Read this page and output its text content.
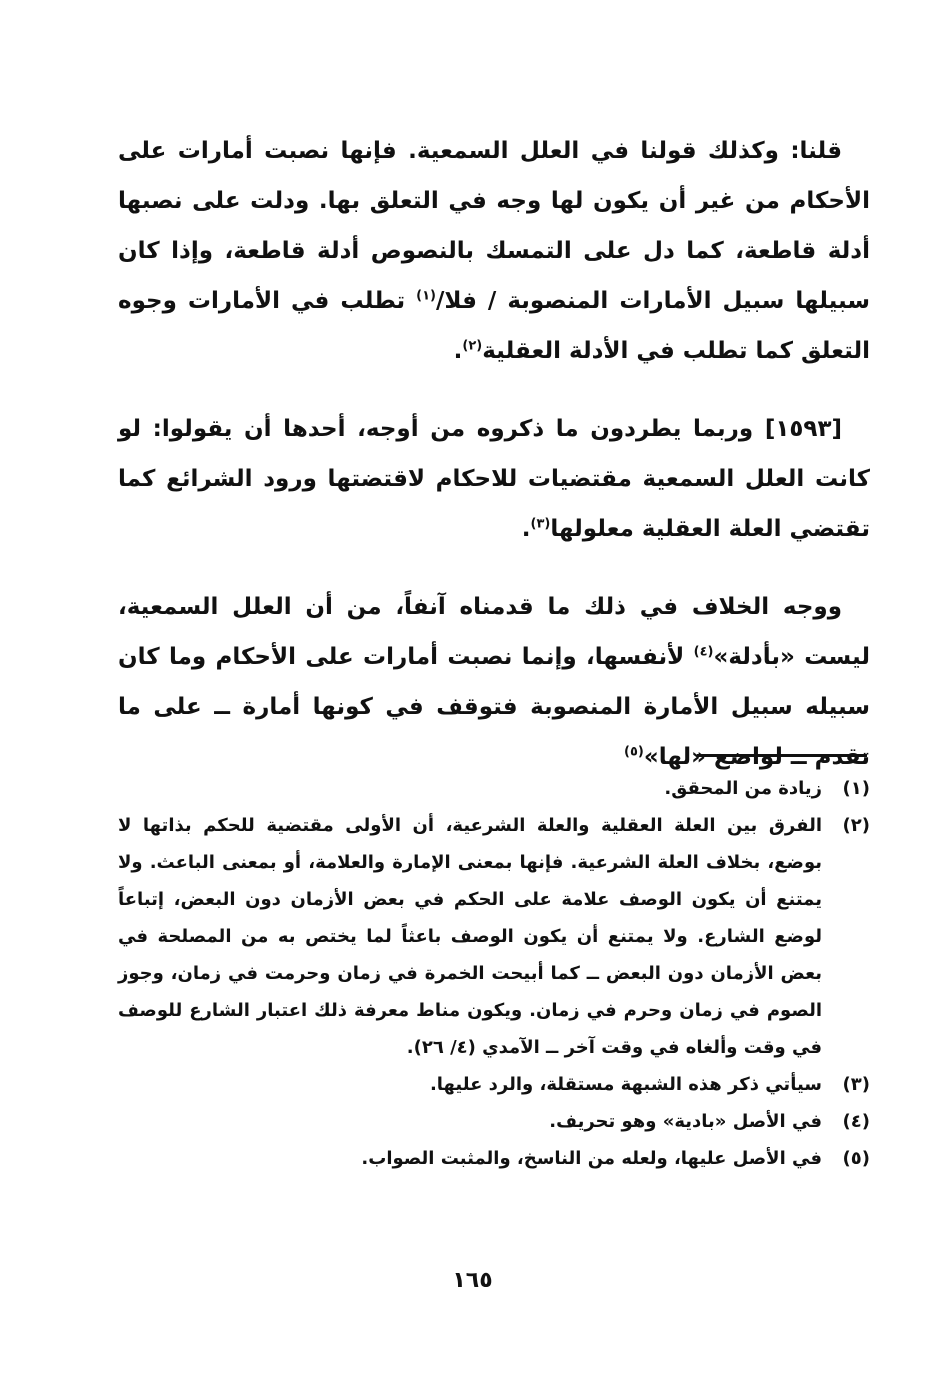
قلنا: وكذلك قولنا في العلل السمعية. فإنها نصبت أمارات على الأحكام من غير أن يكون لها وجه في التعلق بها. ودلت على نصبها أدلة قاطعة، كما دل على التمسك بالنصوص أدلة قاطعة، وإذا كان سبيلها سبيل الأمارات المنصوبة / فلا/$^{(١)}$ تطلب في الأمارات وجوه التعلق كما تطلب في الأدلة العقلية$^{(٢)}$.

[١٥٩٣] وربما يطردون ما ذكروه من أوجه، أحدها أن يقولوا: لو كانت العلل السمعية مقتضيات للاحكام لاقتضتها ورود الشرائع كما تقتضي العلة العقلية معلولها$^{(٣)}$.

ووجه الخلاف في ذلك ما قدمناه آنفاً، من أن العلل السمعية، ليست «بأدلة»$^{(٤)}$ لأنفسها، وإنما نصبت أمارات على الأحكام وما كان سبيله سبيل الأمارة المنصوبة فتوقف في كونها أمارة ــ على ما تقدم ــ لواضع «لها»$^{(٥)}$

(١)
زيادة من المحقق.
(٢)
الفرق بين العلة العقلية والعلة الشرعية، أن الأولى مقتضية للحكم بذاتها لا بوضع، بخلاف العلة الشرعية. فإنها بمعنى الإمارة والعلامة، أو بمعنى الباعث. ولا يمتنع أن يكون الوصف علامة على الحكم في بعض الأزمان دون البعض، إتباعاً لوضع الشارع. ولا يمتنع أن يكون الوصف باعثاً لما يختص به من المصلحة في بعض الأزمان دون البعض ــ كما أبيحت الخمرة في زمان وحرمت في زمان، وجوز الصوم في زمان وحرم في زمان. ويكون مناط معرفة ذلك اعتبار الشارع للوصف في وقت وألغاه في وقت آخر ــ الآمدي (٤/ ٢٦).
(٣)
سيأتي ذكر هذه الشبهة مستقلة، والرد عليها.
(٤)
في الأصل «بادية» وهو تحريف.
(٥)
في الأصل عليها، ولعله من الناسخ، والمثبت الصواب.
١٦٥
